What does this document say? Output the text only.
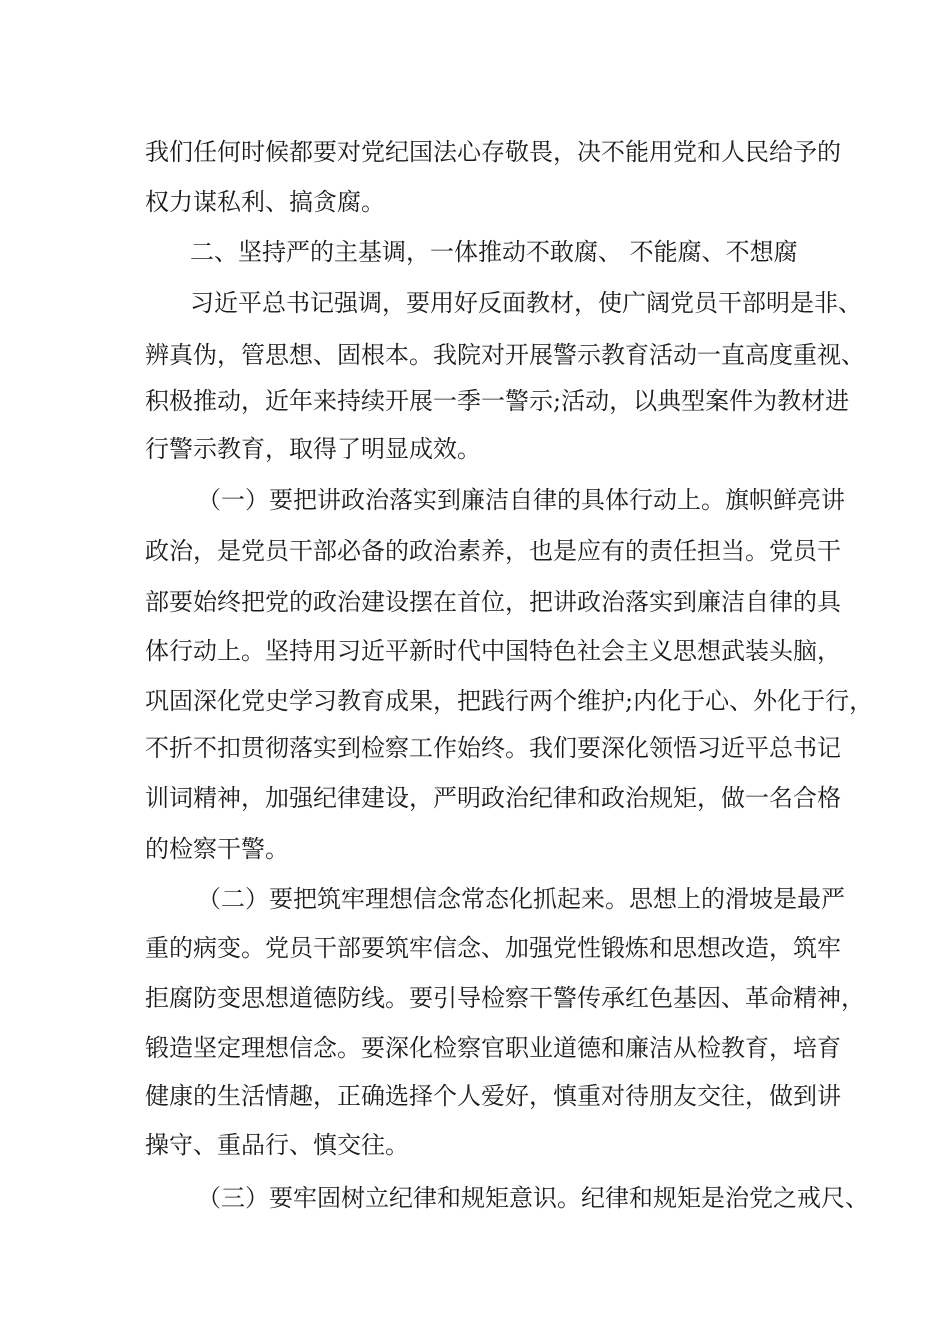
我们任何时候都要对党纪国法心存敬畏，决不能用党和人民给予的
权力谋私利、搞贪腐。
二、坚持严的主基调，一体推动不敢腐、 不能腐、不想腐
习近平总书记强调，要用好反面教材，使广阔党员干部明是非、
辨真伪，管思想、固根本。我院对开展警示教育活动一直高度重视、
积极推动，近年来持续开展一季一警示;活动，以典型案件为教材进
行警示教育，取得了明显成效。
（一）要把讲政治落实到廉洁自律的具体行动上。旗帜鲜亮讲
政治，是党员干部必备的政治素养，也是应有的责任担当。党员干
部要始终把党的政治建设摆在首位，把讲政治落实到廉洁自律的具
体行动上。坚持用习近平新时代中国特色社会主义思想武装头脑，
巩固深化党史学习教育成果，把践行两个维护;内化于心、外化于行，
不折不扣贯彻落实到检察工作始终。我们要深化领悟习近平总书记
训词精神，加强纪律建设，严明政治纪律和政治规矩，做一名合格
的检察干警。
（二）要把筑牢理想信念常态化抓起来。思想上的滑坡是最严
重的病变。党员干部要筑牢信念、加强党性锻炼和思想改造，筑牢
拒腐防变思想道德防线。要引导检察干警传承红色基因、革命精神，
锻造坚定理想信念。要深化检察官职业道德和廉洁从检教育，培育
健康的生活情趣，正确选择个人爱好，慎重对待朋友交往，做到讲
操守、重品行、慎交往。
（三）要牢固树立纪律和规矩意识。纪律和规矩是治党之戒尺、
